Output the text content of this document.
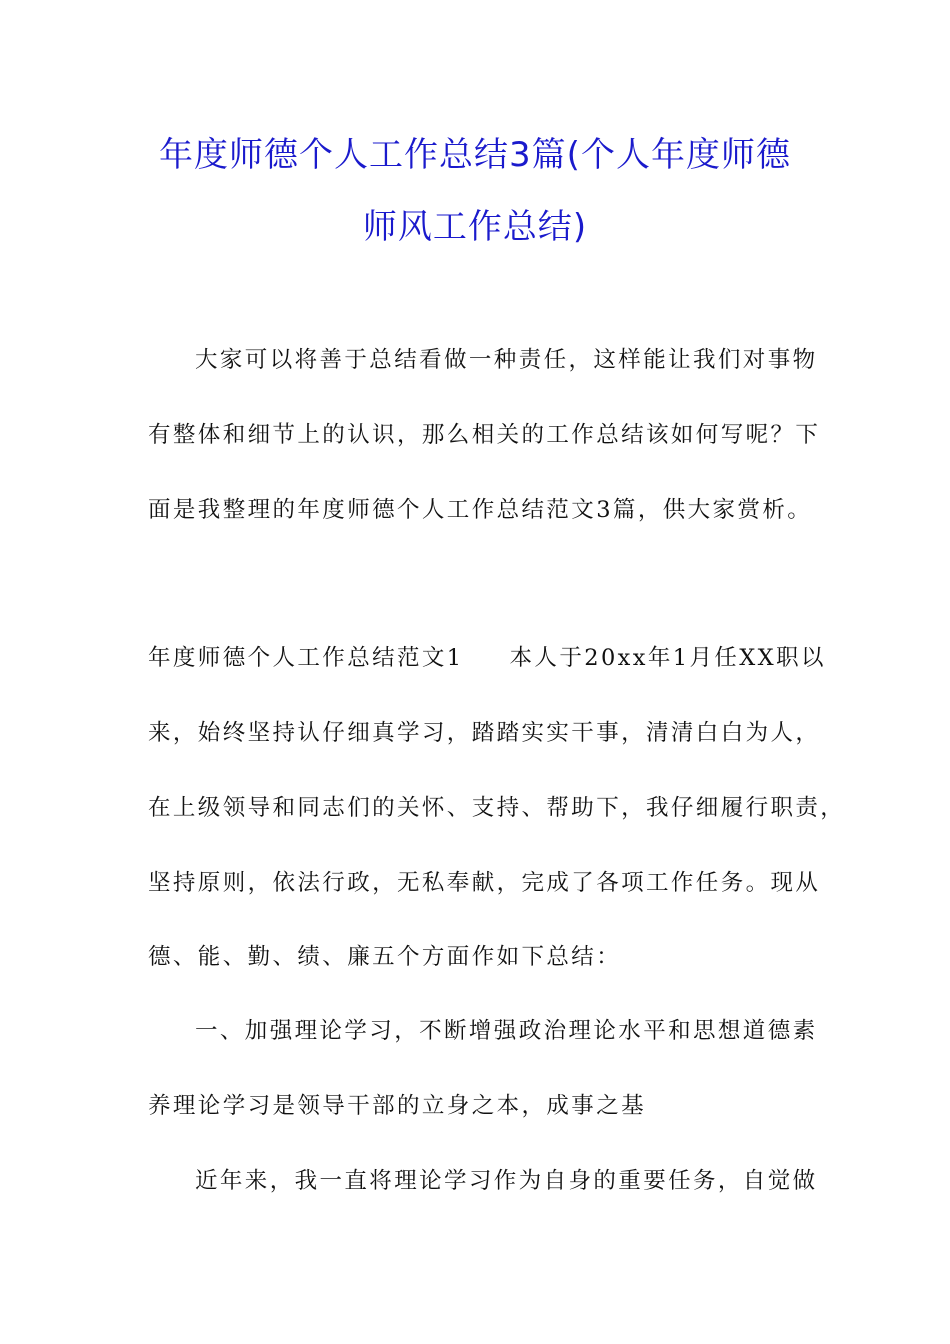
年度师德个人工作总结3篇(个人年度师德
师风工作总结)

大家可以将善于总结看做一种责任，这样能让我们对事物

有整体和细节上的认识，那么相关的工作总结该如何写呢？下

面是我整理的年度师德个人工作总结范文3篇，供大家赏析。

年度师德个人工作总结范文1 本人于20xx年1月任XX职以

来，始终坚持认仔细真学习，踏踏实实干事，清清白白为人，

在上级领导和同志们的关怀、支持、帮助下，我仔细履行职责，

坚持原则，依法行政，无私奉献，完成了各项工作任务。现从

德、能、勤、绩、廉五个方面作如下总结：

一、加强理论学习，不断增强政治理论水平和思想道德素

养理论学习是领导干部的立身之本，成事之基

近年来，我一直将理论学习作为自身的重要任务，自觉做
